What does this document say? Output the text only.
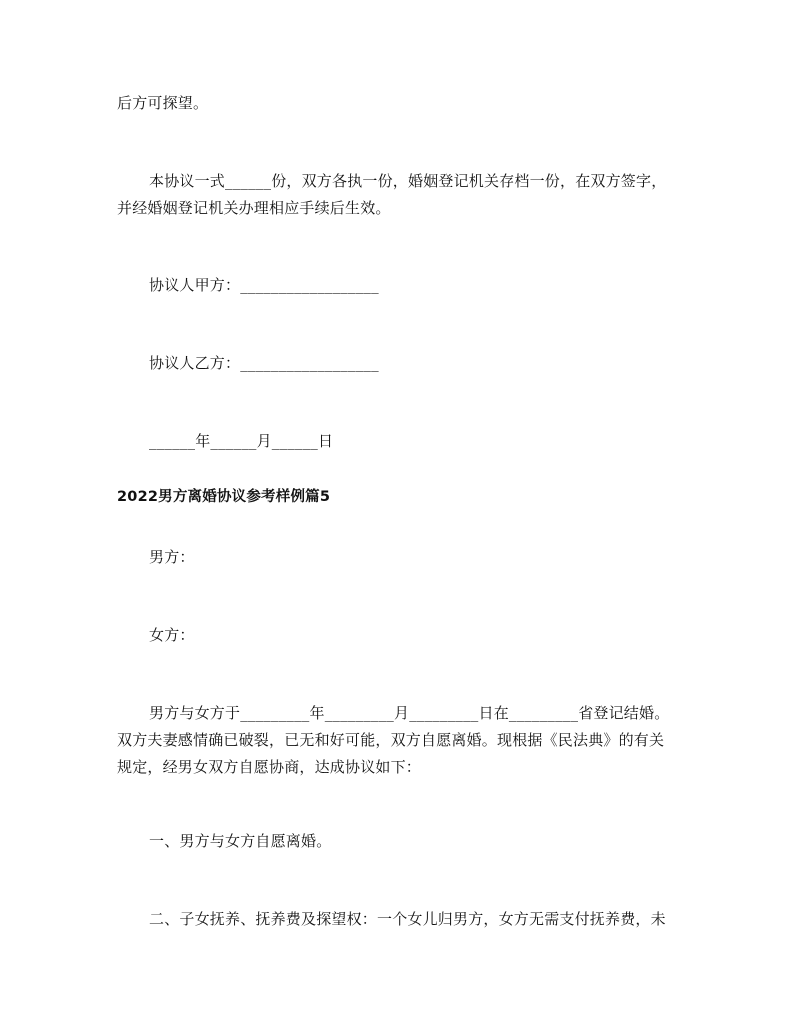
后方可探望。
本协议一式______份，双方各执一份，婚姻登记机关存档一份，在双方签字，
并经婚姻登记机关办理相应手续后生效。
协议人甲方：__________________
协议人乙方：__________________
______年______月______日
2022男方离婚协议参考样例篇5
男方：
女方：
男方与女方于_________年_________月_________日在_________省登记结婚。
双方夫妻感情确已破裂，已无和好可能，双方自愿离婚。现根据《民法典》的有关
规定，经男女双方自愿协商，达成协议如下：
一、男方与女方自愿离婚。
二、子女抚养、抚养费及探望权：一个女儿归男方，女方无需支付抚养费，未
